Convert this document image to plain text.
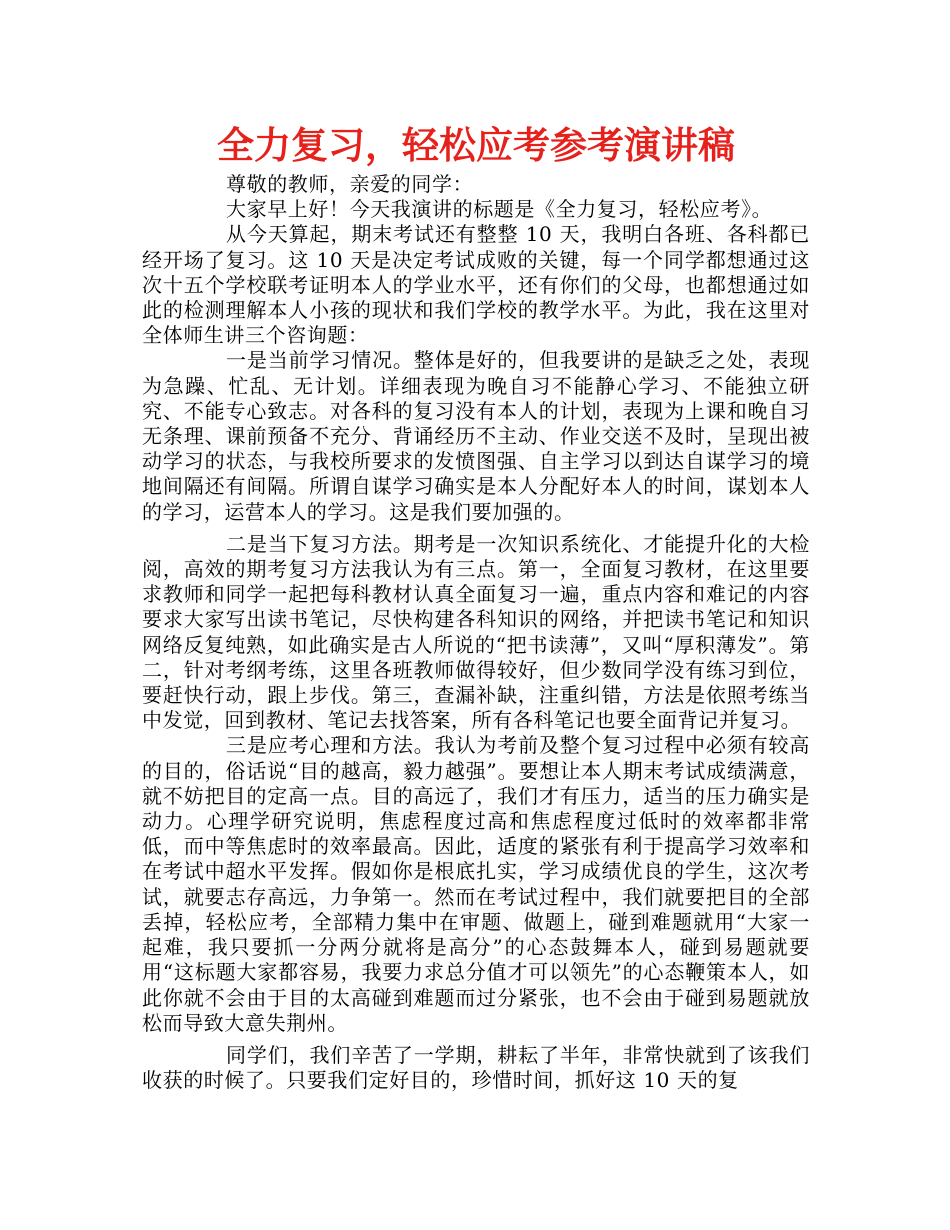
全力复习，轻松应考参考演讲稿

尊敬的教师，亲爱的同学：

大家早上好！今天我演讲的标题是《全力复习，轻松应考》。

从今天算起，期末考试还有整整 10 天，我明白各班、各科都已经开场了复习。这 10 天是决定考试成败的关键，每一个同学都想通过这次十五个学校联考证明本人的学业水平，还有你们的父母，也都想通过如此的检测理解本人小孩的现状和我们学校的教学水平。为此，我在这里对全体师生讲三个咨询题：

一是当前学习情况。整体是好的，但我要讲的是缺乏之处，表现为急躁、忙乱、无计划。详细表现为晚自习不能静心学习、不能独立研究、不能专心致志。对各科的复习没有本人的计划，表现为上课和晚自习无条理、课前预备不充分、背诵经历不主动、作业交送不及时，呈现出被动学习的状态，与我校所要求的发愤图强、自主学习以到达自谋学习的境地间隔还有间隔。所谓自谋学习确实是本人分配好本人的时间，谋划本人的学习，运营本人的学习。这是我们要加强的。

二是当下复习方法。期考是一次知识系统化、才能提升化的大检阅，高效的期考复习方法我认为有三点。第一，全面复习教材，在这里要求教师和同学一起把每科教材认真全面复习一遍，重点内容和难记的内容要求大家写出读书笔记，尽快构建各科知识的网络，并把读书笔记和知识网络反复纯熟，如此确实是古人所说的“把书读薄”，又叫“厚积薄发”。第二，针对考纲考练，这里各班教师做得较好，但少数同学没有练习到位，要赶快行动，跟上步伐。第三，查漏补缺，注重纠错，方法是依照考练当中发觉，回到教材、笔记去找答案，所有各科笔记也要全面背记并复习。

三是应考心理和方法。我认为考前及整个复习过程中必须有较高的目的，俗话说“目的越高，毅力越强”。要想让本人期末考试成绩满意，就不妨把目的定高一点。目的高远了，我们才有压力，适当的压力确实是动力。心理学研究说明，焦虑程度过高和焦虑程度过低时的效率都非常低，而中等焦虑时的效率最高。因此，适度的紧张有利于提高学习效率和在考试中超水平发挥。假如你是根底扎实，学习成绩优良的学生，这次考试，就要志存高远，力争第一。然而在考试过程中，我们就要把目的全部丢掉，轻松应考，全部精力集中在审题、做题上，碰到难题就用“大家一起难，我只要抓一分两分就将是高分”的心态鼓舞本人，碰到易题就要用“这标题大家都容易，我要力求总分值才可以领先”的心态鞭策本人，如此你就不会由于目的太高碰到难题而过分紧张，也不会由于碰到易题就放松而导致大意失荆州。

同学们，我们辛苦了一学期，耕耘了半年，非常快就到了该我们收获的时候了。只要我们定好目的，珍惜时间，抓好这 10 天的复
